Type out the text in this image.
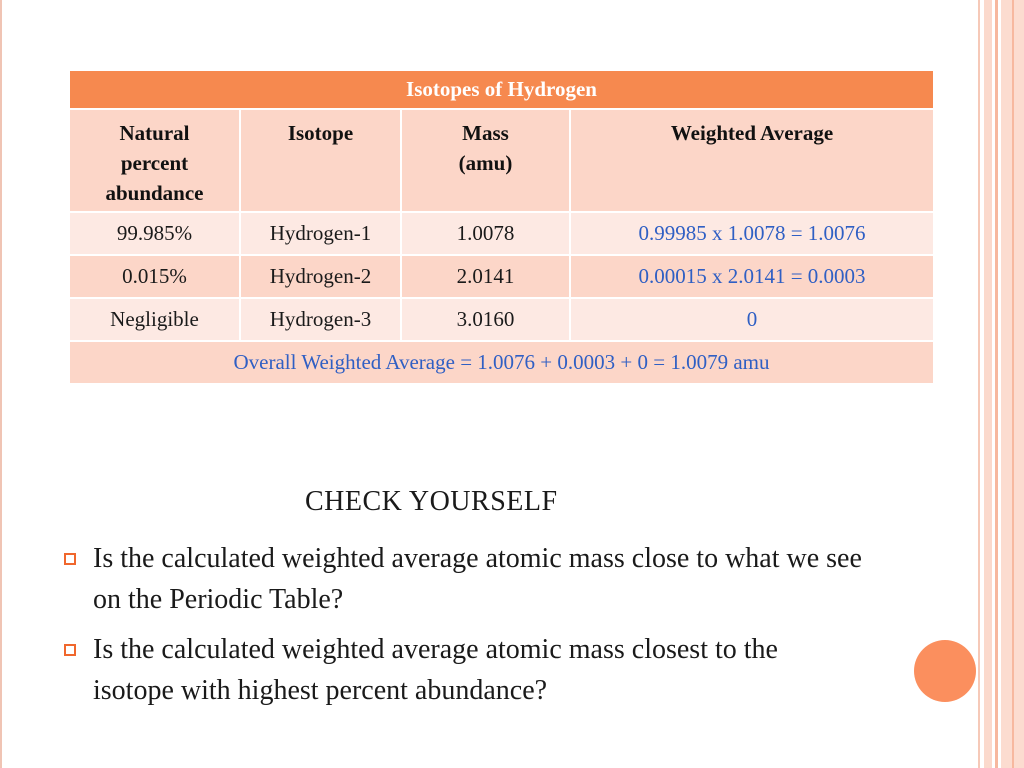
Isotopes of Hydrogen			
Natural percent abundance	Isotope	Mass (amu)	Weighted Average
99.985%	Hydrogen-1	1.0078	0.99985 x 1.0078 = 1.0076
0.015%	Hydrogen-2	2.0141	0.00015 x 2.0141 = 0.0003
Negligible	Hydrogen-3	3.0160	0
Overall Weighted Average = 1.0076 + 0.0003 + 0 = 1.0079 amu			
CHECK YOURSELF
Is the calculated weighted average atomic mass close to what we see on the Periodic Table?
Is the calculated weighted average atomic mass closest to the isotope with highest percent abundance?
